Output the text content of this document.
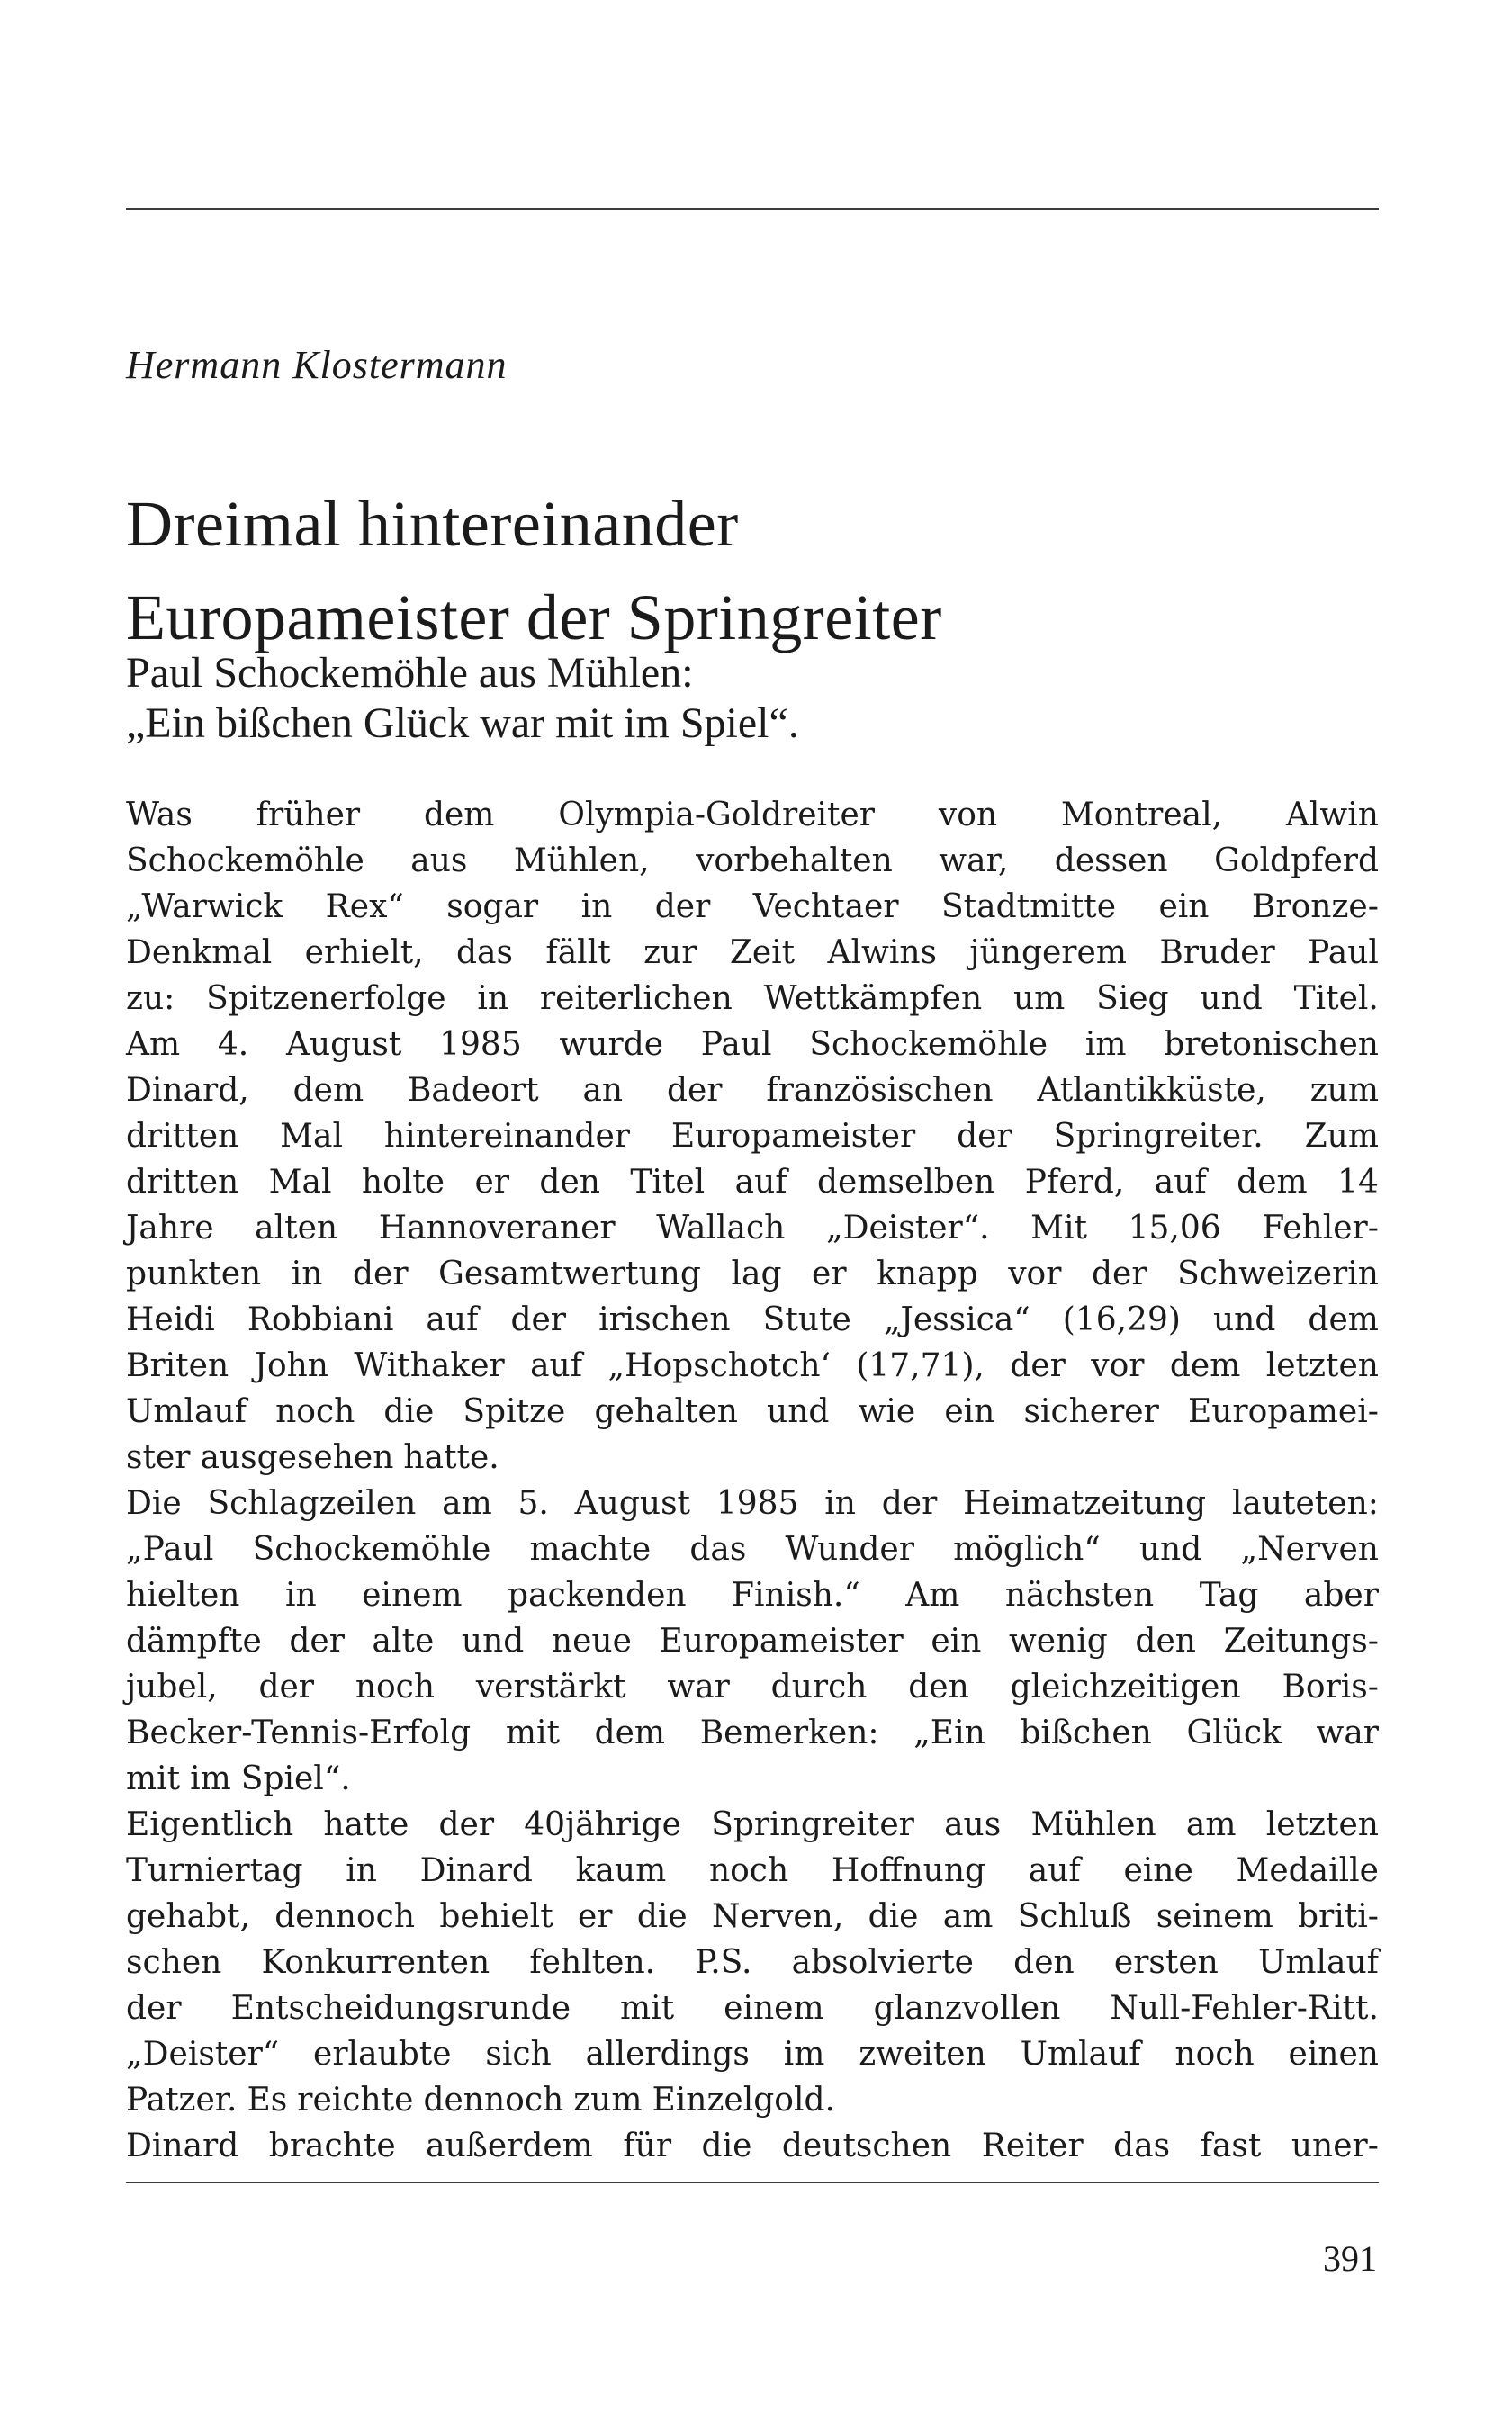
Hermann Klostermann

Dreimal hintereinander
Europameister der Springreiter
Paul Schockemöhle aus Mühlen:
„Ein bißchen Glück war mit im Spiel“.
Was früher dem Olympia-Goldreiter von Montreal, Alwin
Schockemöhle aus Mühlen, vorbehalten war, dessen Goldpferd
„Warwick Rex“ sogar in der Vechtaer Stadtmitte ein Bronze-
Denkmal erhielt, das fällt zur Zeit Alwins jüngerem Bruder Paul
zu: Spitzenerfolge in reiterlichen Wettkämpfen um Sieg und Titel.
Am 4. August 1985 wurde Paul Schockemöhle im bretonischen
Dinard, dem Badeort an der französischen Atlantikküste, zum
dritten Mal hintereinander Europameister der Springreiter. Zum
dritten Mal holte er den Titel auf demselben Pferd, auf dem 14
Jahre alten Hannoveraner Wallach „Deister“. Mit 15,06 Fehler-
punkten in der Gesamtwertung lag er knapp vor der Schweizerin
Heidi Robbiani auf der irischen Stute „Jessica“ (16,29) und dem
Briten John Withaker auf „Hopschotch‘ (17,71), der vor dem letzten
Umlauf noch die Spitze gehalten und wie ein sicherer Europamei-
ster ausgesehen hatte.
Die Schlagzeilen am 5. August 1985 in der Heimatzeitung lauteten:
„Paul Schockemöhle machte das Wunder möglich“ und „Nerven
hielten in einem packenden Finish.“ Am nächsten Tag aber
dämpfte der alte und neue Europameister ein wenig den Zeitungs-
jubel, der noch verstärkt war durch den gleichzeitigen Boris-
Becker-Tennis-Erfolg mit dem Bemerken: „Ein bißchen Glück war
mit im Spiel“.
Eigentlich hatte der 40jährige Springreiter aus Mühlen am letzten
Turniertag in Dinard kaum noch Hoffnung auf eine Medaille
gehabt, dennoch behielt er die Nerven, die am Schluß seinem briti-
schen Konkurrenten fehlten. P.S. absolvierte den ersten Umlauf
der Entscheidungsrunde mit einem glanzvollen Null-Fehler-Ritt.
„Deister“ erlaubte sich allerdings im zweiten Umlauf noch einen
Patzer. Es reichte dennoch zum Einzelgold.
Dinard brachte außerdem für die deutschen Reiter das fast uner-

391
